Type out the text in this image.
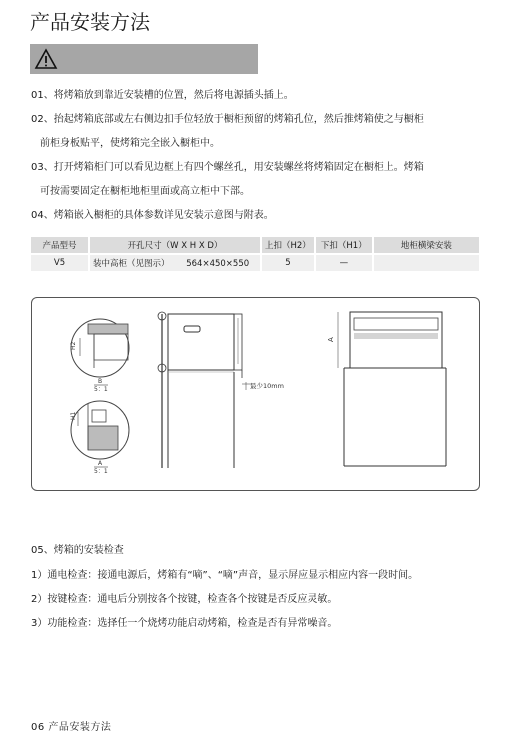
产品安装方法
01、将烤箱放到靠近安装槽的位置，然后将电源插头插上。
02、抬起烤箱底部或左右侧边扣手位轻放于橱柜预留的烤箱孔位，然后推烤箱使之与橱柜
前柜身板贴平，使烤箱完全嵌入橱柜中。
03、打开烤箱柜门可以看见边框上有四个螺丝孔，用安装螺丝将烤箱固定在橱柜上。烤箱
可按需要固定在橱柜地柜里面或高立柜中下部。
04、烤箱嵌入橱柜的具体参数详见安装示意图与附表。
产品型号	开孔尺寸（W X H X D）	上扣（H2）	下扣（H1）	地柜横梁安装
V5	装中高柜（见图示） 564×450×550	5	—	
H2
B
5：1
H1
A
5：1
最少10mm
A
05、烤箱的安装检查
1）通电检查：接通电源后，烤箱有“嘀”、“嘀”声音，显示屏应显示相应内容一段时间。
2）按键检查：通电后分别按各个按键，检查各个按键是否反应灵敏。
3）功能检查：选择任一个烧烤功能启动烤箱，检查是否有异常噪音。
06 产品安装方法
